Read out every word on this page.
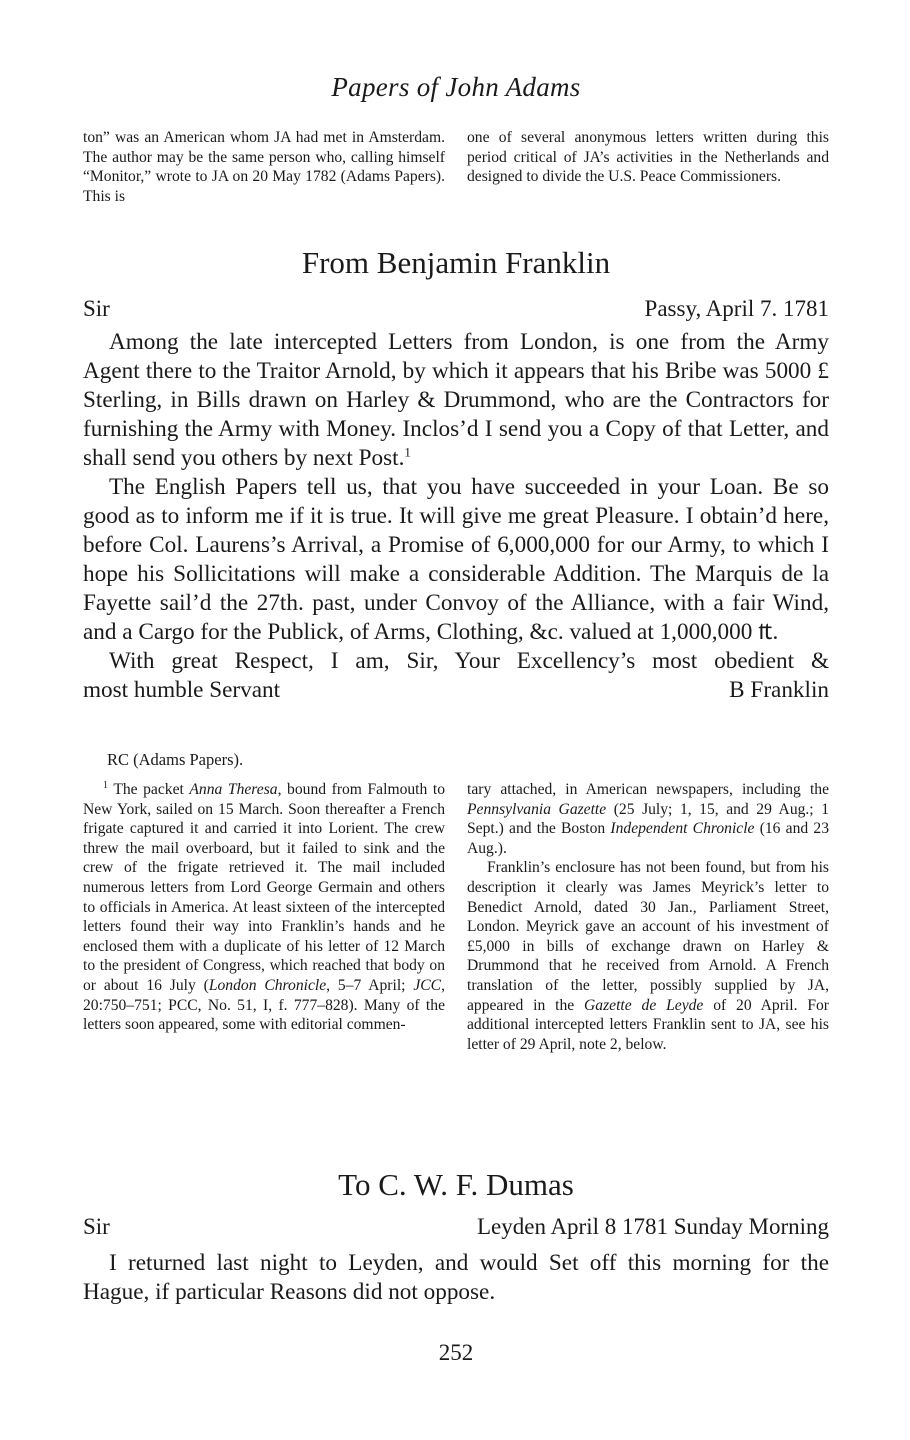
Papers of John Adams

ton” was an American whom JA had met in Amsterdam. The author may be the same person who, calling himself “Monitor,” wrote to JA on 20 May 1782 (Adams Papers). This is

one of several anonymous letters written during this period critical of JA’s activities in the Netherlands and designed to divide the U.S. Peace Commissioners.

From Benjamin Franklin
Sir	Passy, April 7. 1781

Among the late intercepted Letters from London, is one from the Army Agent there to the Traitor Arnold, by which it appears that his Bribe was 5000 £ Sterling, in Bills drawn on Harley & Drummond, who are the Contractors for furnishing the Army with Money. Inclos’d I send you a Copy of that Letter, and shall send you others by next Post.$^1$

The English Papers tell us, that you have succeeded in your Loan. Be so good as to inform me if it is true. It will give me great Pleasure. I obtain’d here, before Col. Laurens’s Arrival, a Promise of 6,000,000 for our Army, to which I hope his Sollicitations will make a considerable Addition. The Marquis de la Fayette sail’d the 27th. past, under Convoy of the Alliance, with a fair Wind, and a Cargo for the Publick, of Arms, Clothing, &c. valued at 1,000,000 ₶.

With great Respect, I am, Sir, Your Excellency’s most obedient &
most humble Servant	B Franklin
RC (Adams Papers).

$^1$ The packet Anna Theresa, bound from Falmouth to New York, sailed on 15 March. Soon thereafter a French frigate captured it and carried it into Lorient. The crew threw the mail overboard, but it failed to sink and the crew of the frigate retrieved it. The mail included numerous letters from Lord George Germain and others to officials in America. At least sixteen of the intercepted letters found their way into Franklin’s hands and he enclosed them with a duplicate of his letter of 12 March to the president of Congress, which reached that body on or about 16 July (London Chronicle, 5–7 April; JCC, 20:750–751; PCC, No. 51, I, f. 777–828). Many of the letters soon appeared, some with editorial commen-

tary attached, in American newspapers, including the Pennsylvania Gazette (25 July; 1, 15, and 29 Aug.; 1 Sept.) and the Boston Independent Chronicle (16 and 23 Aug.).

Franklin’s enclosure has not been found, but from his description it clearly was James Meyrick’s letter to Benedict Arnold, dated 30 Jan., Parliament Street, London. Meyrick gave an account of his investment of £5,000 in bills of exchange drawn on Harley & Drummond that he received from Arnold. A French translation of the letter, possibly supplied by JA, appeared in the Gazette de Leyde of 20 April. For additional intercepted letters Franklin sent to JA, see his letter of 29 April, note 2, below.

To C. W. F. Dumas
Sir	Leyden April 8 1781 Sunday Morning

I returned last night to Leyden, and would Set off this morning for the Hague, if particular Reasons did not oppose.

252
